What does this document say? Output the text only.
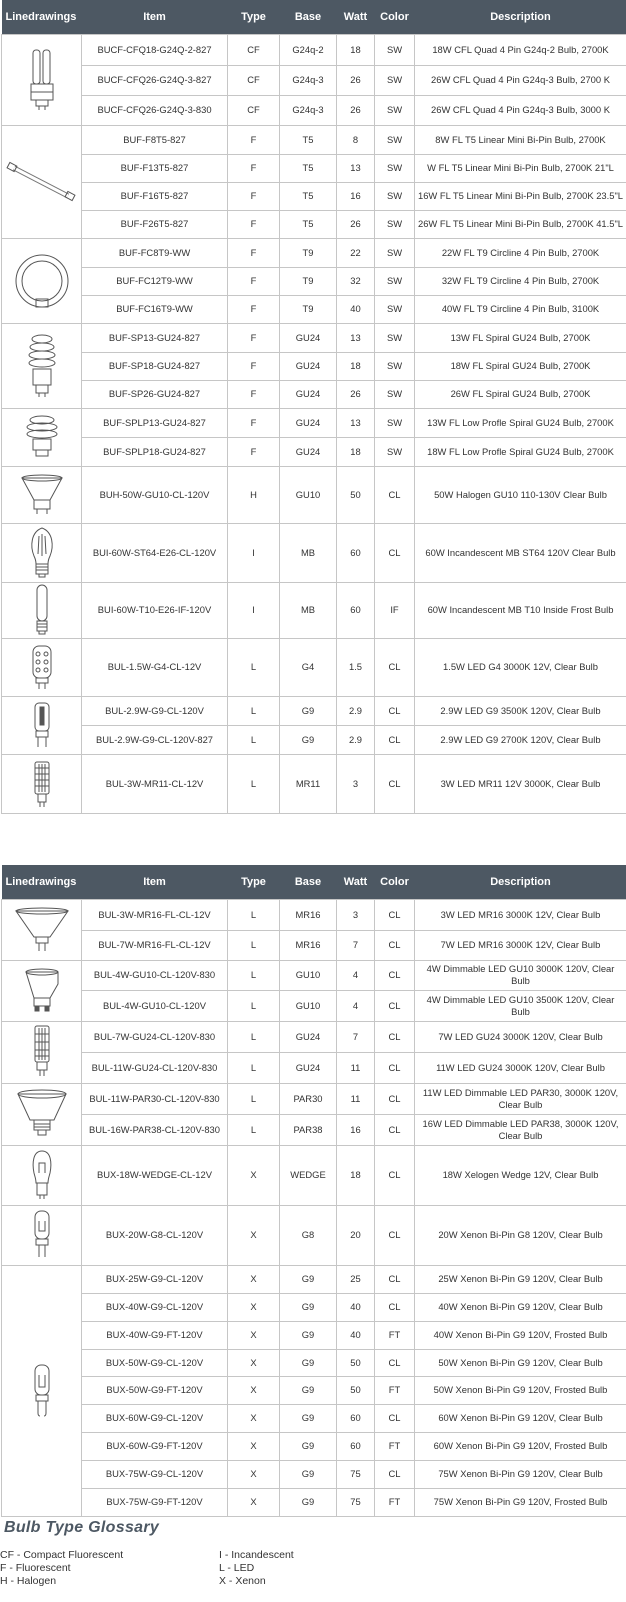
Linedrawings	Item	Type	Base	Watt	Color	Description

	BUCF-CFQ18-G24Q-2-827	CF	G24q-2	18	SW	18W CFL Quad 4 Pin G24q-2 Bulb, 2700K
	BUCF-CFQ26-G24Q-3-827	CF	G24q-3	26	SW	26W CFL Quad 4 Pin G24q-3 Bulb, 2700 K
	BUCF-CFQ26-G24Q-3-830	CF	G24q-3	26	SW	26W CFL Quad 4 Pin G24q-3 Bulb, 3000 K

	BUF-F8T5-827	F	T5	8	SW	8W FL T5 Linear Mini Bi-Pin Bulb, 2700K
	BUF-F13T5-827	F	T5	13	SW	W FL T5 Linear Mini Bi-Pin Bulb, 2700K 21"L
	BUF-F16T5-827	F	T5	16	SW	16W FL T5 Linear Mini Bi-Pin Bulb, 2700K 23.5"L
	BUF-F26T5-827	F	T5	26	SW	26W FL T5 Linear Mini Bi-Pin Bulb, 2700K 41.5"L

	BUF-FC8T9-WW	F	T9	22	SW	22W FL T9 Circline 4 Pin Bulb, 2700K
	BUF-FC12T9-WW	F	T9	32	SW	32W FL T9 Circline 4 Pin Bulb, 2700K
	BUF-FC16T9-WW	F	T9	40	SW	40W FL T9 Circline 4 Pin Bulb, 3100K

	BUF-SP13-GU24-827	F	GU24	13	SW	13W FL Spiral GU24 Bulb, 2700K
	BUF-SP18-GU24-827	F	GU24	18	SW	18W FL Spiral GU24 Bulb, 2700K
	BUF-SP26-GU24-827	F	GU24	26	SW	26W FL Spiral GU24 Bulb, 2700K

	BUF-SPLP13-GU24-827	F	GU24	13	SW	13W FL Low Profle Spiral GU24 Bulb, 2700K
	BUF-SPLP18-GU24-827	F	GU24	18	SW	18W FL Low Profle Spiral GU24 Bulb, 2700K

	BUH-50W-GU10-CL-120V	H	GU10	50	CL	50W Halogen GU10 110-130V Clear Bulb

	BUI-60W-ST64-E26-CL-120V	I	MB	60	CL	60W Incandescent MB ST64 120V Clear Bulb

	BUI-60W-T10-E26-IF-120V	I	MB	60	IF	60W Incandescent MB T10 Inside Frost Bulb

	BUL-1.5W-G4-CL-12V	L	G4	1.5	CL	1.5W LED G4 3000K 12V, Clear Bulb

	BUL-2.9W-G9-CL-120V	L	G9	2.9	CL	2.9W LED G9 3500K 120V, Clear Bulb
	BUL-2.9W-G9-CL-120V-827	L	G9	2.9	CL	2.9W LED G9 2700K 120V, Clear Bulb

	BUL-3W-MR11-CL-12V	L	MR11	3	CL	3W LED MR11 12V 3000K, Clear Bulb
Linedrawings	Item	Type	Base	Watt	Color	Description

	BUL-3W-MR16-FL-CL-12V	L	MR16	3	CL	3W LED MR16 3000K 12V, Clear Bulb
	BUL-7W-MR16-FL-CL-12V	L	MR16	7	CL	7W LED MR16 3000K 12V, Clear Bulb

	BUL-4W-GU10-CL-120V-830	L	GU10	4	CL	4W Dimmable LED GU10 3000K 120V, Clear Bulb
	BUL-4W-GU10-CL-120V	L	GU10	4	CL	4W Dimmable LED GU10 3500K 120V, Clear Bulb

	BUL-7W-GU24-CL-120V-830	L	GU24	7	CL	7W LED GU24 3000K 120V, Clear Bulb
	BUL-11W-GU24-CL-120V-830	L	GU24	11	CL	11W LED GU24 3000K 120V, Clear Bulb

	BUL-11W-PAR30-CL-120V-830	L	PAR30	11	CL	11W LED Dimmable LED PAR30, 3000K 120V, Clear Bulb
	BUL-16W-PAR38-CL-120V-830	L	PAR38	16	CL	16W LED Dimmable LED PAR38, 3000K 120V, Clear Bulb

	BUX-18W-WEDGE-CL-12V	X	WEDGE	18	CL	18W Xelogen Wedge 12V, Clear Bulb

	BUX-20W-G8-CL-120V	X	G8	20	CL	20W Xenon Bi-Pin G8 120V, Clear Bulb

	BUX-25W-G9-CL-120V	X	G9	25	CL	25W Xenon Bi-Pin G9 120V, Clear Bulb
	BUX-40W-G9-CL-120V	X	G9	40	CL	40W Xenon Bi-Pin G9 120V, Clear Bulb
	BUX-40W-G9-FT-120V	X	G9	40	FT	40W Xenon Bi-Pin G9 120V, Frosted Bulb
	BUX-50W-G9-CL-120V	X	G9	50	CL	50W Xenon Bi-Pin G9 120V, Clear Bulb
	BUX-50W-G9-FT-120V	X	G9	50	FT	50W Xenon Bi-Pin G9 120V, Frosted Bulb
	BUX-60W-G9-CL-120V	X	G9	60	CL	60W Xenon Bi-Pin G9 120V, Clear Bulb
	BUX-60W-G9-FT-120V	X	G9	60	FT	60W Xenon Bi-Pin G9 120V, Frosted Bulb
	BUX-75W-G9-CL-120V	X	G9	75	CL	75W Xenon Bi-Pin G9 120V, Clear Bulb
	BUX-75W-G9-FT-120V	X	G9	75	FT	75W Xenon Bi-Pin G9 120V, Frosted Bulb
Bulb Type Glossary
CF - Compact Fluorescent
F - Fluorescent
H - Halogen
I - Incandescent
L - LED
X - Xenon
